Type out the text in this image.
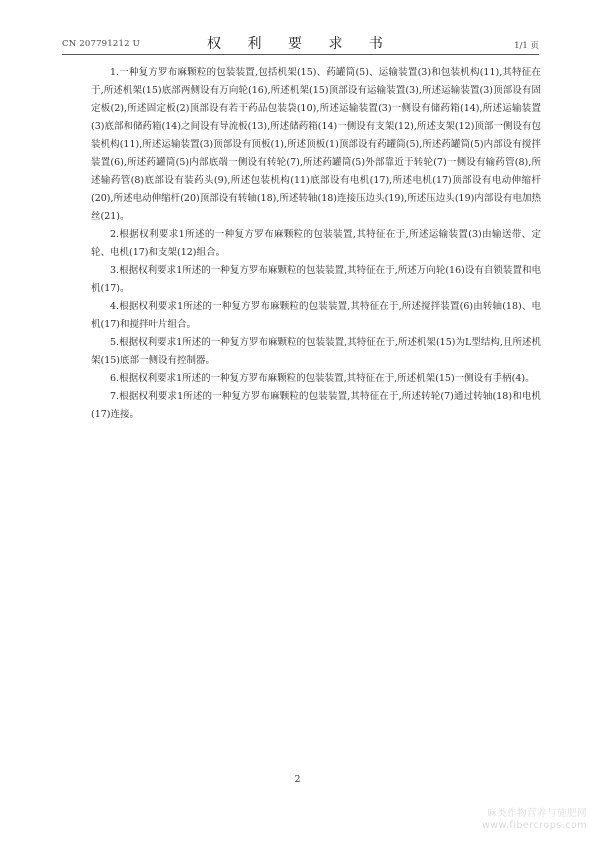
CN 207791212 U	权 利 要 求 书	1/1 页

1.一种复方罗布麻颗粒的包装装置,包括机架(15)、药罐筒(5)、运输装置(3)和包装机构(11),其特征在于,所述机架(15)底部两侧设有万向轮(16),所述机架(15)顶部设有运输装置(3),所述运输装置(3)顶部设有固定板(2),所述固定板(2)顶部设有若干药品包装袋(10),所述运输装置(3)一侧设有储药箱(14),所述运输装置(3)底部和储药箱(14)之间设有导流板(13),所述储药箱(14)一侧设有支架(12),所述支架(12)顶部一侧设有包装机构(11),所述运输装置(3)顶部设有顶板(1),所述顶板(1)顶部设有药罐筒(5),所述药罐筒(5)内部设有搅拌装置(6),所述药罐筒(5)内部底端一侧设有转轮(7),所述药罐筒(5)外部靠近于转轮(7)一侧设有输药管(8),所述输药管(8)底部设有装药头(9),所述包装机构(11)底部设有电机(17),所述电机(17)顶部设有电动伸缩杆(20),所述电动伸缩杆(20)顶部设有转轴(18),所述转轴(18)连接压边头(19),所述压边头(19)内部设有电加热丝(21)。

2.根据权利要求1所述的一种复方罗布麻颗粒的包装装置,其特征在于,所述运输装置(3)由输送带、定轮、电机(17)和支架(12)组合。

3.根据权利要求1所述的一种复方罗布麻颗粒的包装装置,其特征在于,所述万向轮(16)设有自锁装置和电机(17)。

4.根据权利要求1所述的一种复方罗布麻颗粒的包装装置,其特征在于,所述搅拌装置(6)由转轴(18)、电机(17)和搅拌叶片组合。

5.根据权利要求1所述的一种复方罗布麻颗粒的包装装置,其特征在于,所述机架(15)为L型结构,且所述机架(15)底部一侧设有控制器。

6.根据权利要求1所述的一种复方罗布麻颗粒的包装装置,其特征在于,所述机架(15)一侧设有手柄(4)。

7.根据权利要求1所述的一种复方罗布麻颗粒的包装装置,其特征在于,所述转轮(7)通过转轴(18)和电机(17)连接。

2
麻类作物营养与施肥网
www.fibercrops.com
